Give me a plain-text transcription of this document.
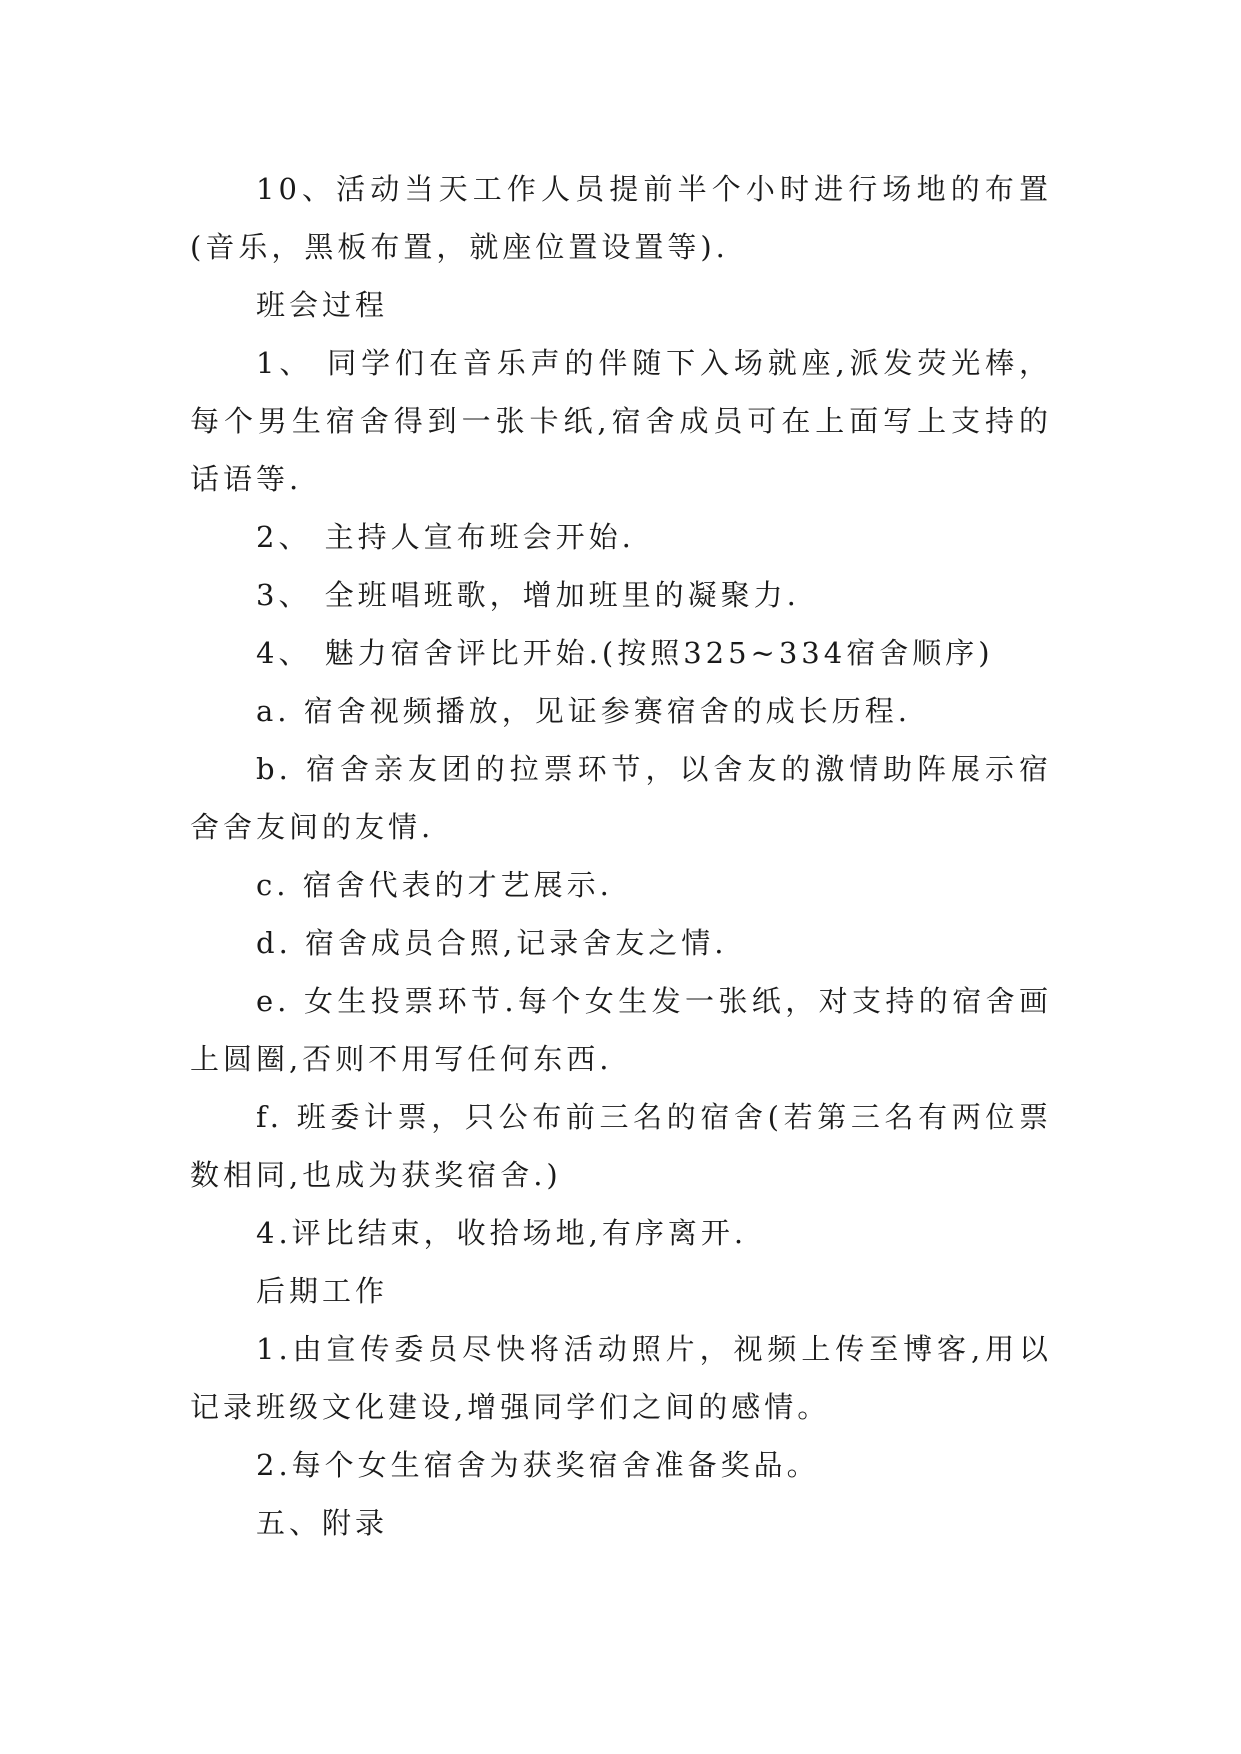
10、活动当天工作人员提前半个小时进行场地的布置(音乐，黑板布置，就座位置设置等).

班会过程

1、 同学们在音乐声的伴随下入场就座,派发荧光棒，每个男生宿舍得到一张卡纸,宿舍成员可在上面写上支持的话语等.

2、 主持人宣布班会开始.

3、 全班唱班歌，增加班里的凝聚力.

4、 魅力宿舍评比开始.(按照325~334宿舍顺序)

a. 宿舍视频播放，见证参赛宿舍的成长历程.

b. 宿舍亲友团的拉票环节，以舍友的激情助阵展示宿舍舍友间的友情.

c. 宿舍代表的才艺展示.

d. 宿舍成员合照,记录舍友之情.

e. 女生投票环节.每个女生发一张纸，对支持的宿舍画上圆圈,否则不用写任何东西.

f. 班委计票，只公布前三名的宿舍(若第三名有两位票数相同,也成为获奖宿舍.)

4.评比结束，收拾场地,有序离开.

后期工作

1.由宣传委员尽快将活动照片，视频上传至博客,用以记录班级文化建设,增强同学们之间的感情。

2.每个女生宿舍为获奖宿舍准备奖品。

五、附录
